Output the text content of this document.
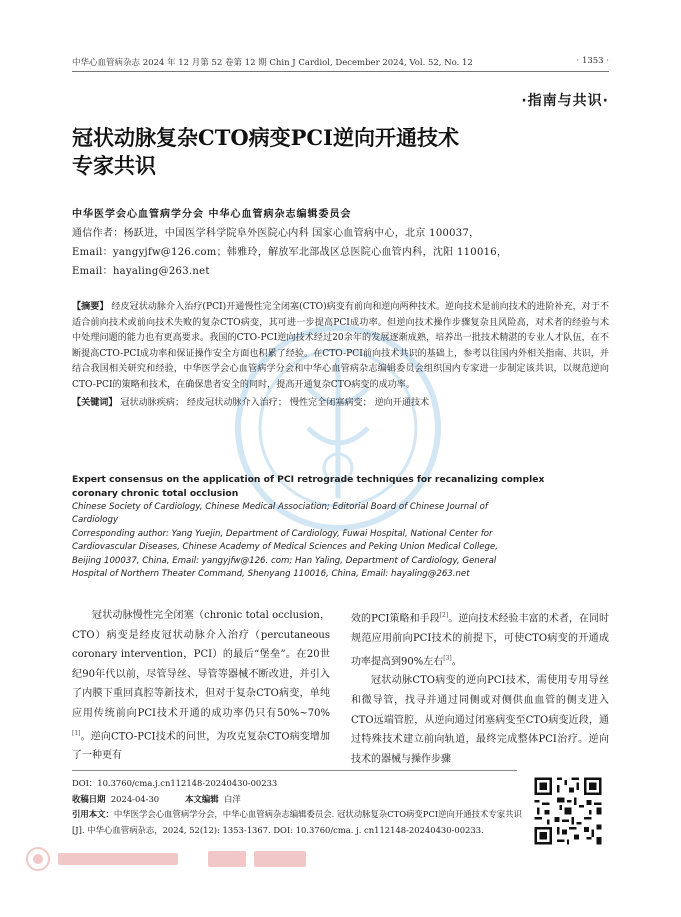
中华心血管病杂志 2024 年 12 月第 52 卷第 12 期 Chin J Cardiol, December 2024, Vol. 52, No. 12	· 1353 ·
·指南与共识·
冠状动脉复杂CTO病变PCI逆向开通技术
专家共识
中华医学会心血管病学分会 中华心血管病杂志编辑委员会
通信作者：杨跃进，中国医学科学院阜外医院心内科 国家心血管病中心，北京 100037，
Email：yangyjfw@126.com；韩雅玲，解放军北部战区总医院心血管内科，沈阳 110016，
Email：hayaling@263.net
【摘要】 经皮冠状动脉介入治疗(PCI)开通慢性完全闭塞(CTO)病变有前向和逆向两种技术。逆向技术是前向技术的进阶补充，对于不适合前向技术或前向技术失败的复杂CTO病变，其可进一步提高PCI成功率。但逆向技术操作步骤复杂且风险高，对术者的经验与术中处理问题的能力也有更高要求。我国的CTO-PCI逆向技术经过20余年的发展逐渐成熟，培养出一批技术精湛的专业人才队伍，在不断提高CTO-PCI成功率和保证操作安全方面也积累了经验。在CTO-PCI前向技术共识的基础上，参考以往国内外相关指南、共识，并结合我国相关研究和经验，中华医学会心血管病学分会和中华心血管病杂志编辑委员会组织国内专家进一步制定该共识，以规范逆向CTO-PCI的策略和技术，在确保患者安全的同时，提高开通复杂CTO病变的成功率。
【关键词】 冠状动脉疾病； 经皮冠状动脉介入治疗； 慢性完全闭塞病变； 逆向开通技术
Expert consensus on the application of PCI retrograde techniques for recanalizing complex
coronary chronic total occlusion
Chinese Society of Cardiology, Chinese Medical Association; Editorial Board of Chinese Journal of
Cardiology
Corresponding author: Yang Yuejin, Department of Cardiology, Fuwai Hospital, National Center for
Cardiovascular Diseases, Chinese Academy of Medical Sciences and Peking Union Medical College,
Beijing 100037, China, Email: yangyjfw@126. com; Han Yaling, Department of Cardiology, General
Hospital of Northern Theater Command, Shenyang 110016, China, Email: hayaling@263.net

冠状动脉慢性完全闭塞（chronic total occlusion，CTO）病变是经皮冠状动脉介入治疗（percutaneous coronary intervention，PCI）的最后“堡垒”。在20世纪90年代以前，尽管导丝、导管等器械不断改进，并引入了内膜下重回真腔等新技术，但对于复杂CTO病变，单纯应用传统前向PCI技术开通的成功率仍只有50%~70%[1]。逆向CTO-PCI技术的问世，为攻克复杂CTO病变增加了一种更有

效的PCI策略和手段[2]。逆向技术经验丰富的术者，在同时规范应用前向PCI技术的前提下，可使CTO病变的开通成功率提高到90%左右[3]。

冠状动脉CTO病变的逆向PCI技术，需使用专用导丝和微导管，找寻并通过同侧或对侧供血血管的侧支进入CTO远端管腔，从逆向通过闭塞病变至CTO病变近段，通过特殊技术建立前向轨道，最终完成整体PCI治疗。逆向技术的器械与操作步骤

DOI：10.3760/cma.j.cn112148-20240430-00233
收稿日期 2024-04-30	本文编辑 白洋
引用本文：中华医学会心血管病学分会，中华心血管病杂志编辑委员会. 冠状动脉复杂CTO病变PCI逆向开通技术专家共识[J]. 中华心血管病杂志，2024, 52(12): 1353-1367. DOI: 10.3760/cma. j. cn112148-20240430-00233.
